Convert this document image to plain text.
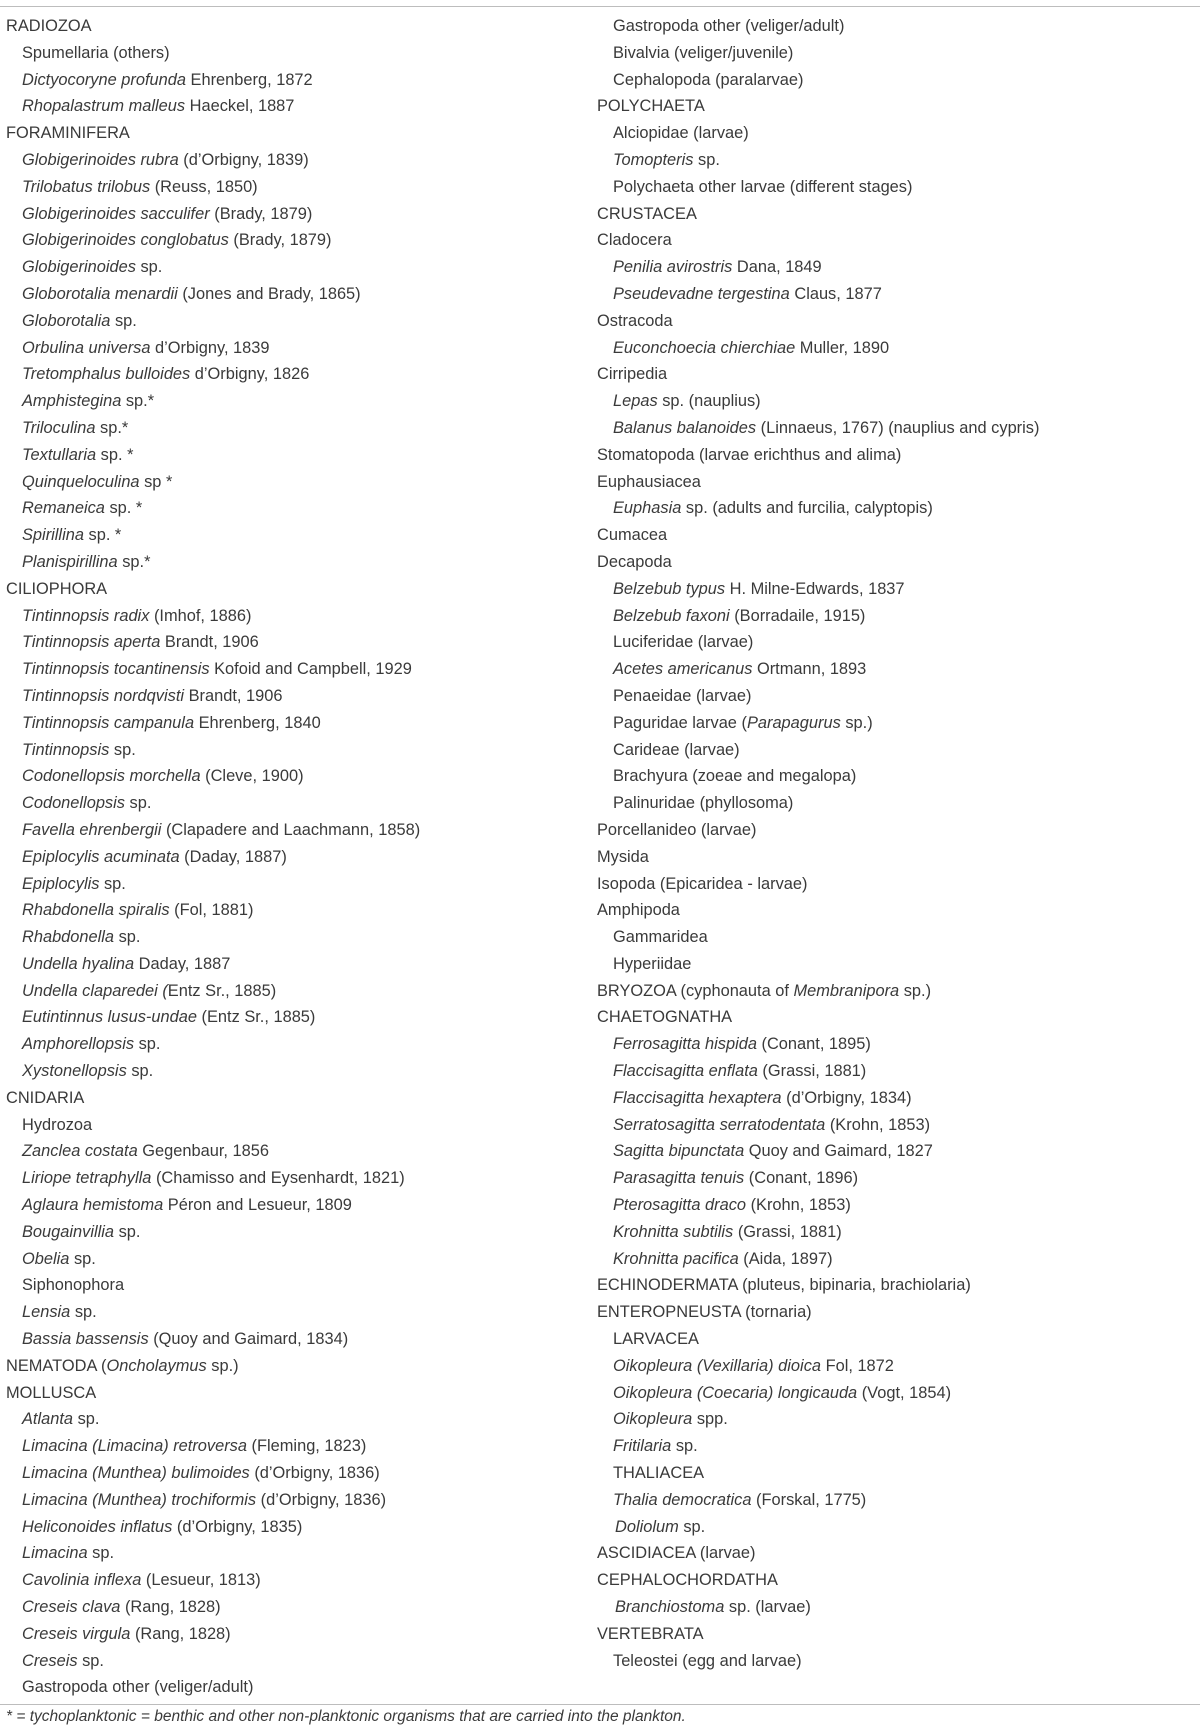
RADIOZOA
Spumellaria (others)
Dictyocoryne profunda Ehrenberg, 1872
Rhopalastrum malleus Haeckel, 1887
FORAMINIFERA
Globigerinoides rubra (d’Orbigny, 1839)
Trilobatus trilobus (Reuss, 1850)
Globigerinoides sacculifer (Brady, 1879)
Globigerinoides conglobatus (Brady, 1879)
Globigerinoides sp.
Globorotalia menardii (Jones and Brady, 1865)
Globorotalia sp.
Orbulina universa d’Orbigny, 1839
Tretomphalus bulloides d’Orbigny, 1826
Amphistegina sp.*
Triloculina sp.*
Textullaria sp. *
Quinqueloculina sp *
Remaneica sp. *
Spirillina sp. *
Planispirillina sp.*
CILIOPHORA
Tintinnopsis radix (Imhof, 1886)
Tintinnopsis aperta Brandt, 1906
Tintinnopsis tocantinensis Kofoid and Campbell, 1929
Tintinnopsis nordqvisti Brandt, 1906
Tintinnopsis campanula Ehrenberg, 1840
Tintinnopsis sp.
Codonellopsis morchella (Cleve, 1900)
Codonellopsis sp.
Favella ehrenbergii (Clapadere and Laachmann, 1858)
Epiplocylis acuminata (Daday, 1887)
Epiplocylis sp.
Rhabdonella spiralis (Fol, 1881)
Rhabdonella sp.
Undella hyalina Daday, 1887
Undella claparedei (Entz Sr., 1885)
Eutintinnus lusus-undae (Entz Sr., 1885)
Amphorellopsis sp.
Xystonellopsis sp.
CNIDARIA
Hydrozoa
Zanclea costata Gegenbaur, 1856
Liriope tetraphylla (Chamisso and Eysenhardt, 1821)
Aglaura hemistoma Péron and Lesueur, 1809
Bougainvillia sp.
Obelia sp.
Siphonophora
Lensia sp.
Bassia bassensis (Quoy and Gaimard, 1834)
NEMATODA (Oncholaymus sp.)
MOLLUSCA
Atlanta sp.
Limacina (Limacina) retroversa (Fleming, 1823)
Limacina (Munthea) bulimoides (d’Orbigny, 1836)
Limacina (Munthea) trochiformis (d’Orbigny, 1836)
Heliconoides inflatus (d’Orbigny, 1835)
Limacina sp.
Cavolinia inflexa (Lesueur, 1813)
Creseis clava (Rang, 1828)
Creseis virgula (Rang, 1828)
Creseis sp.
Gastropoda other (veliger/adult)
Gastropoda other (veliger/adult)
Bivalvia (veliger/juvenile)
Cephalopoda (paralarvae)
POLYCHAETA
Alciopidae (larvae)
Tomopteris sp.
Polychaeta other larvae (different stages)
CRUSTACEA
Cladocera
Penilia avirostris Dana, 1849
Pseudevadne tergestina Claus, 1877
Ostracoda
Euconchoecia chierchiae Muller, 1890
Cirripedia
Lepas sp. (nauplius)
Balanus balanoides (Linnaeus, 1767) (nauplius and cypris)
Stomatopoda (larvae erichthus and alima)
Euphausiacea
Euphasia sp. (adults and furcilia, calyptopis)
Cumacea
Decapoda
Belzebub typus H. Milne-Edwards, 1837
Belzebub faxoni (Borradaile, 1915)
Luciferidae (larvae)
Acetes americanus Ortmann, 1893
Penaeidae (larvae)
Paguridae larvae (Parapagurus sp.)
Carideae (larvae)
Brachyura (zoeae and megalopa)
Palinuridae (phyllosoma)
Porcellanideo (larvae)
Mysida
Isopoda (Epicaridea - larvae)
Amphipoda
Gammaridea
Hyperiidae
BRYOZOA (cyphonauta of Membranipora sp.)
CHAETOGNATHA
Ferrosagitta hispida (Conant, 1895)
Flaccisagitta enflata (Grassi, 1881)
Flaccisagitta hexaptera (d’Orbigny, 1834)
Serratosagitta serratodentata (Krohn, 1853)
Sagitta bipunctata Quoy and Gaimard, 1827
Parasagitta tenuis (Conant, 1896)
Pterosagitta draco (Krohn, 1853)
Krohnitta subtilis (Grassi, 1881)
Krohnitta pacifica (Aida, 1897)
ECHINODERMATA (pluteus, bipinaria, brachiolaria)
ENTEROPNEUSTA (tornaria)
LARVACEA
Oikopleura (Vexillaria) dioica Fol, 1872
Oikopleura (Coecaria) longicauda (Vogt, 1854)
Oikopleura spp.
Fritilaria sp.
THALIACEA
Thalia democratica (Forskal, 1775)
Doliolum sp.
ASCIDIACEA (larvae)
CEPHALOCHORDATHA
Branchiostoma sp. (larvae)
VERTEBRATA
Teleostei (egg and larvae)
* = tychoplanktonic = benthic and other non-planktonic organisms that are carried into the plankton.
